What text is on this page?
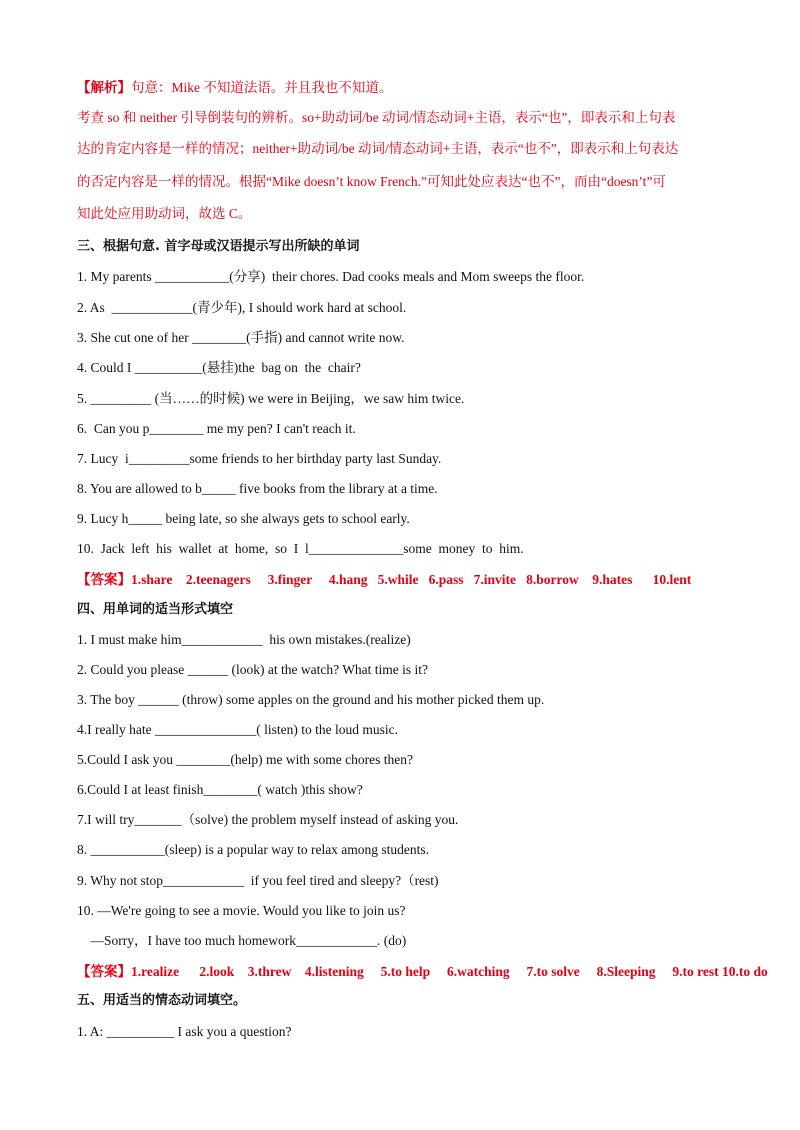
【解析】句意：Mike 不知道法语。并且我也不知道。

考查 so 和 neither 引导倒装句的辨析。so+助动词/be 动词/情态动词+主语，表示“也”，即表示和上句表

达的肯定内容是一样的情况；neither+助动词/be 动词/情态动词+主语，表示“也不”，即表示和上句表达

的否定内容是一样的情况。根据“Mike doesn’t know French.”可知此处应表达“也不”，而由“doesn’t”可

知此处应用助动词，故选 C。

三、根据句意. 首字母或汉语提示写出所缺的单词

1. My parents ___________(分享)  their chores. Dad cooks meals and Mom sweeps the floor.

2. As  ____________(青少年), I should work hard at school.

3. She cut one of her ________(手指) and cannot write now.

4. Could I __________(悬挂)the  bag on  the  chair?

5. _________ (当……的时候) we were in Beijing，we saw him twice.

6.  Can you p________ me my pen? I can't reach it.

7. Lucy  i_________some friends to her birthday party last Sunday.

8. You are allowed to b_____ five books from the library at a time.

9. Lucy h_____ being late, so she always gets to school early.

10.  Jack  left  his  wallet  at  home,  so  I  l______________some  money  to  him.

【答案】1.share    2.teenagers     3.finger     4.hang   5.while   6.pass   7.invite   8.borrow    9.hates      10.lent

四、用单词的适当形式填空

1. I must make him____________  his own mistakes.(realize)

2. Could you please ______ (look) at the watch? What time is it?

3. The boy ______ (throw) some apples on the ground and his mother picked them up.

4.I really hate _______________( listen) to the loud music.

5.Could I ask you ________(help) me with some chores then?

6.Could I at least finish________( watch )this show?

7.I will try_______（solve) the problem myself instead of asking you.

8. ___________(sleep) is a popular way to relax among students.

9. Why not stop____________  if you feel tired and sleepy?（rest)

10. —We're going to see a movie. Would you like to join us?

—Sorry，I have too much homework____________. (do)

【答案】1.realize      2.look    3.threw    4.listening     5.to help     6.watching     7.to solve     8.Sleeping     9.to rest 10.to do

五、用适当的情态动词填空。

1. A: __________ I ask you a question?
